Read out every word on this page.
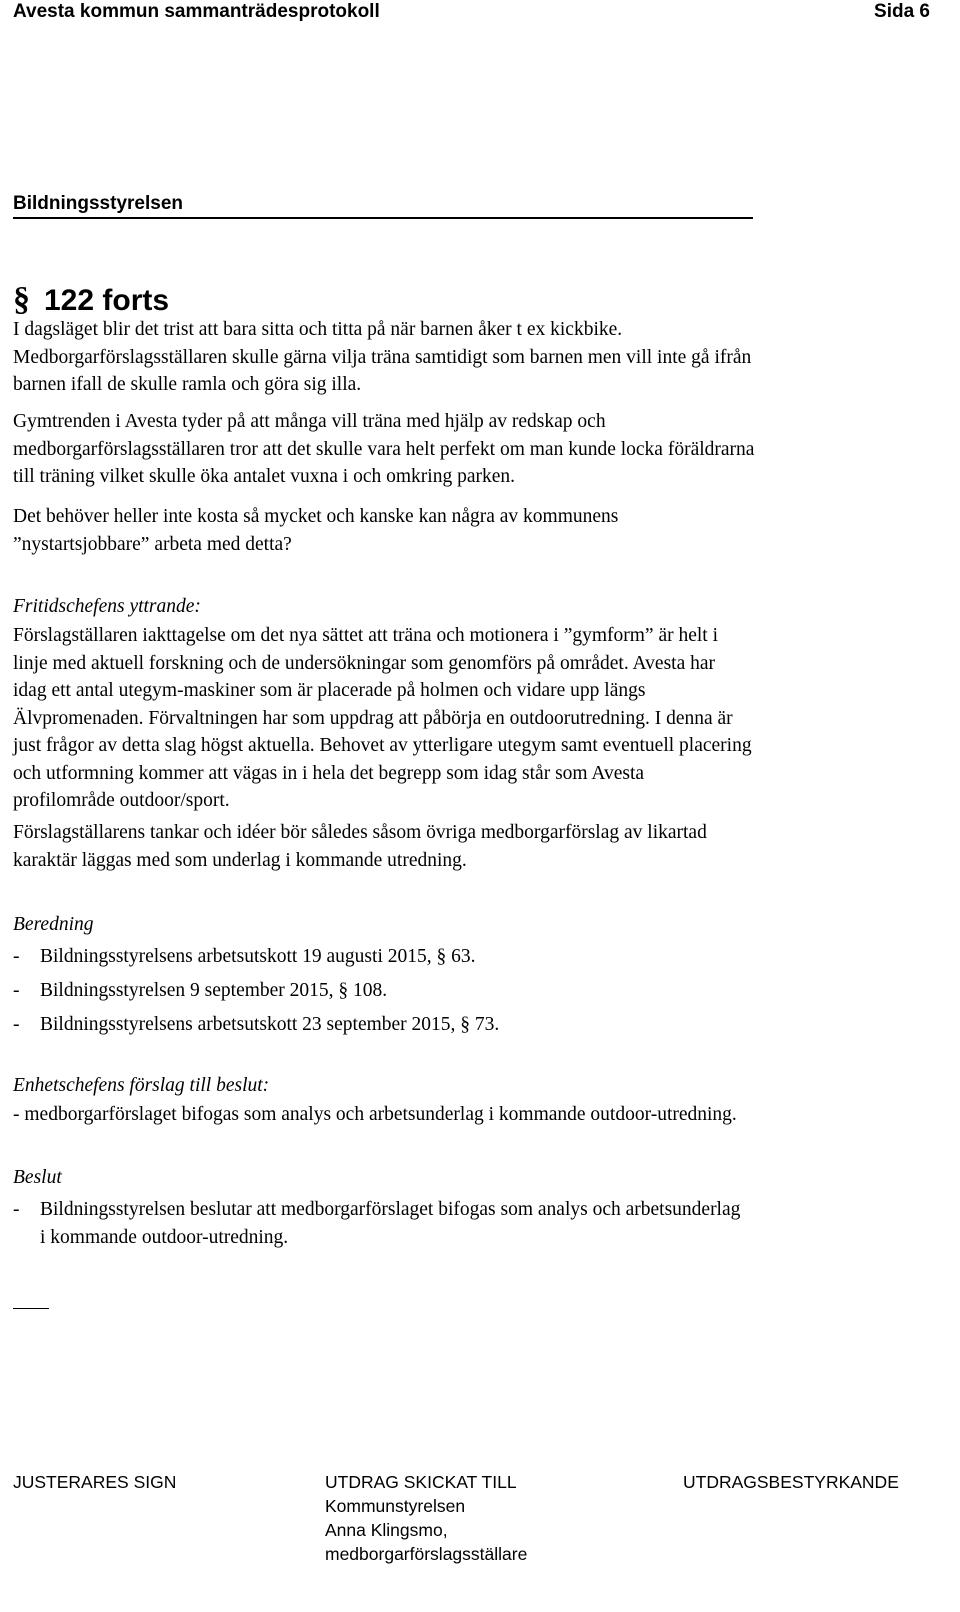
Avesta kommun sammanträdesprotokoll	Sida 6
Bildningsstyrelsen
§ 122 forts
I dagsläget blir det trist att bara sitta och titta på när barnen åker t ex kickbike.
Medborgarförslagsställaren skulle gärna vilja träna samtidigt som barnen men vill inte gå ifrån
barnen ifall de skulle ramla och göra sig illa.
Gymtrenden i Avesta tyder på att många vill träna med hjälp av redskap och
medborgarförslagsställaren tror att det skulle vara helt perfekt om man kunde locka föräldrarna
till träning vilket skulle öka antalet vuxna i och omkring parken.
Det behöver heller inte kosta så mycket och kanske kan några av kommunens
”nystartsjobbare” arbeta med detta?
Fritidschefens yttrande:
Förslagställaren iakttagelse om det nya sättet att träna och motionera i ”gymform” är helt i
linje med aktuell forskning och de undersökningar som genomförs på området. Avesta har
idag ett antal utegym-maskiner som är placerade på holmen och vidare upp längs
Älvpromenaden. Förvaltningen har som uppdrag att påbörja en outdoorutredning. I denna är
just frågor av detta slag högst aktuella. Behovet av ytterligare utegym samt eventuell placering
och utformning kommer att vägas in i hela det begrepp som idag står som Avesta
profilområde outdoor/sport.
Förslagställarens tankar och idéer bör således såsom övriga medborgarförslag av likartad
karaktär läggas med som underlag i kommande utredning.
Beredning
- Bildningsstyrelsens arbetsutskott 19 augusti 2015, § 63.
- Bildningsstyrelsen 9 september 2015, § 108.
- Bildningsstyrelsens arbetsutskott 23 september 2015, § 73.
Enhetschefens förslag till beslut:
- medborgarförslaget bifogas som analys och arbetsunderlag i kommande outdoor-utredning.
Beslut
- Bildningsstyrelsen beslutar att medborgarförslaget bifogas som analys och arbetsunderlag
i kommande outdoor-utredning.
JUSTERARES SIGN	UTDRAG SKICKAT TILL
Kommunstyrelsen
Anna Klingsmo,
medborgarförslagsställare
UTDRAGSBESTYRKANDE
